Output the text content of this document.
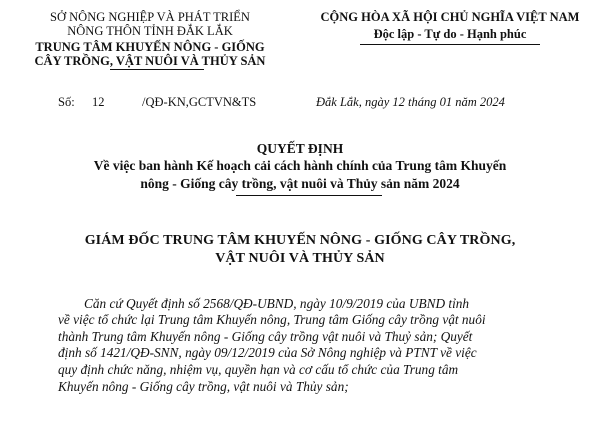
SỞ NÔNG NGHIỆP VÀ PHÁT TRIỂN
NÔNG THÔN TỈNH ĐẮK LẮK
TRUNG TÂM KHUYẾN NÔNG - GIỐNG
CÂY TRỒNG, VẬT NUÔI VÀ THỦY SẢN
CỘNG HÒA XÃ HỘI CHỦ NGHĨA VIỆT NAM
Độc lập - Tự do - Hạnh phúc
Số: 12	/QĐ-KN,GCTVN&TS	Đắk Lắk, ngày 12 tháng 01 năm 2024
QUYẾT ĐỊNH
Về việc ban hành Kế hoạch cải cách hành chính của Trung tâm Khuyến
nông - Giống cây trồng, vật nuôi và Thủy sản năm 2024
GIÁM ĐỐC TRUNG TÂM KHUYẾN NÔNG - GIỐNG CÂY TRỒNG,
VẬT NUÔI VÀ THỦY SẢN
Căn cứ Quyết định số 2568/QĐ-UBND, ngày 10/9/2019 của UBND tỉnh
về việc tổ chức lại Trung tâm Khuyến nông, Trung tâm Giống cây trồng vật nuôi
thành Trung tâm Khuyến nông - Giống cây trồng vật nuôi và Thuỷ sản; Quyết
định số 1421/QĐ-SNN, ngày 09/12/2019 của Sở Nông nghiệp và PTNT về việc
quy định chức năng, nhiệm vụ, quyền hạn và cơ cấu tổ chức của Trung tâm
Khuyến nông - Giống cây trồng, vật nuôi và Thủy sản;
